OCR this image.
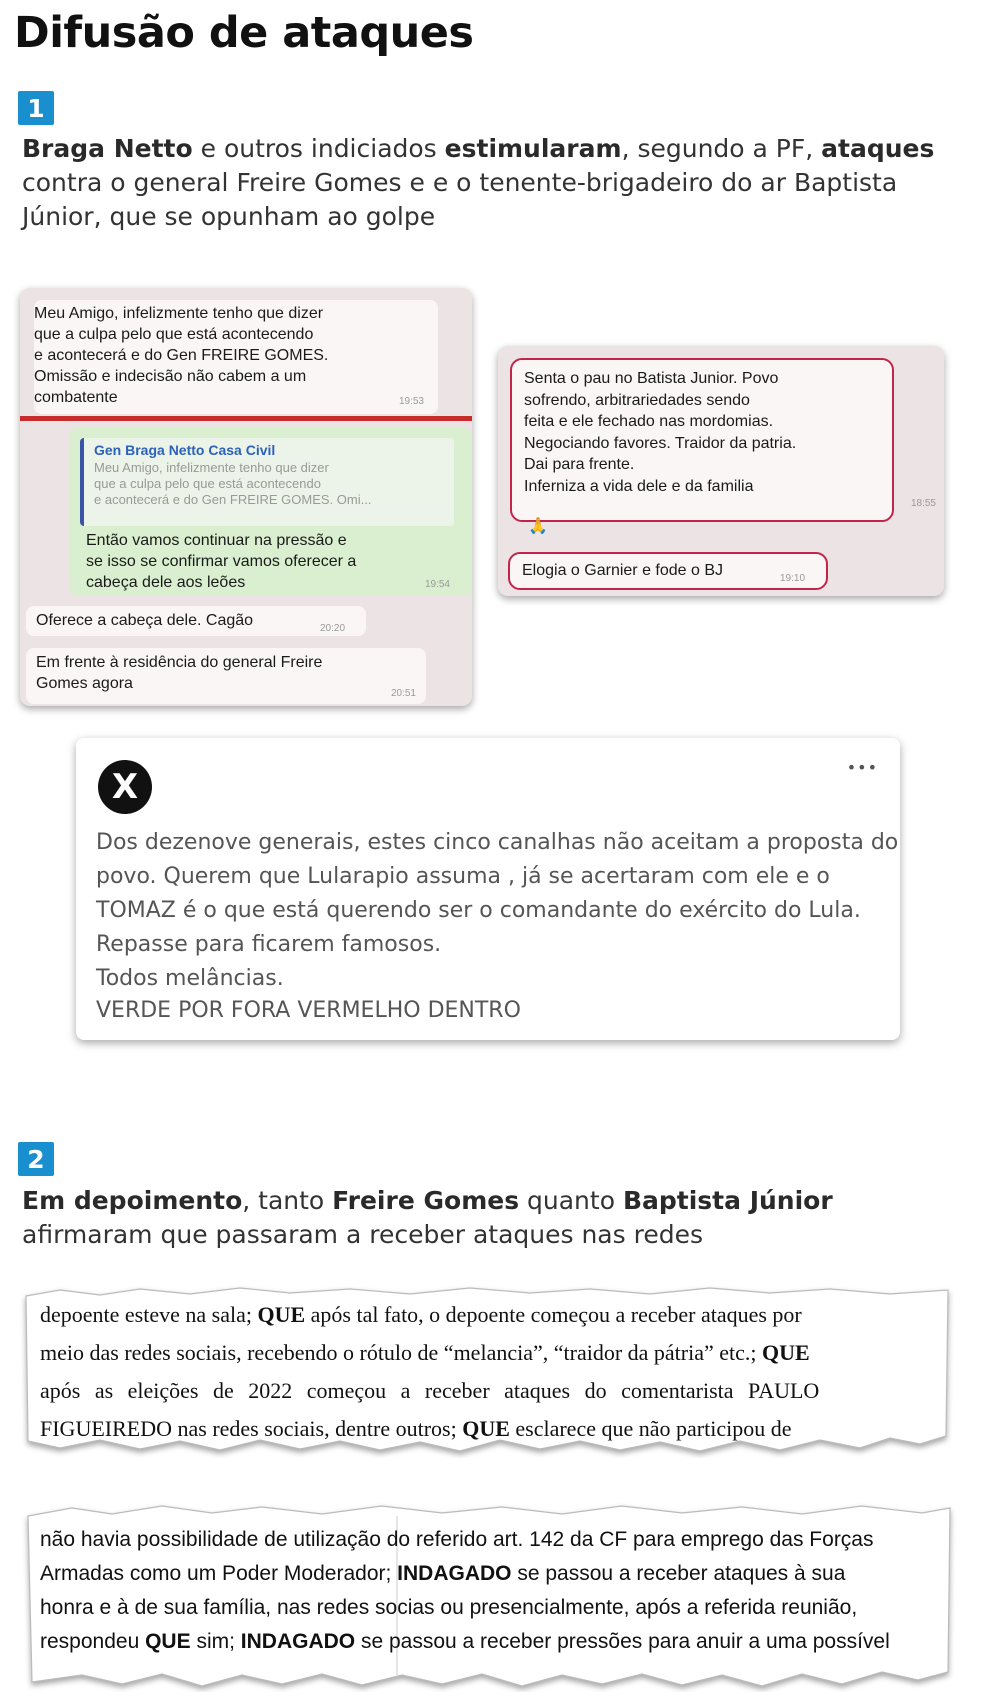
Difusão de ataques
1
Braga Netto e outros indiciados estimularam, segundo a PF, ataques contra o general Freire Gomes e e o tenente-brigadeiro do ar Baptista Júnior, que se opunham ao golpe
Meu Amigo, infelizmente tenho que dizer
que a culpa pelo que está acontecendo
e acontecerá e do Gen FREIRE GOMES.
Omissão e indecisão não cabem a um
combatente	19:53
Gen Braga Netto Casa Civil
Meu Amigo, infelizmente tenho que dizer
que a culpa pelo que está acontecendo
e acontecerá e do Gen FREIRE GOMES. Omi...
Então vamos continuar na pressão e
se isso se confirmar vamos oferecer a
cabeça dele aos leões	19:54
Oferece a cabeça dele. Cagão	20:20
Em frente à residência do general Freire
Gomes agora
20:51
Senta o pau no Batista Junior. Povo
sofrendo, arbitrariedades sendo
feita e ele fechado nas mordomias.
Negociando favores. Traidor da patria.
Dai para frente.
Inferniza a vida dele e da familia
18:55
🙏
Elogia o Garnier e fode o BJ	19:10
X	•••
Dos dezenove generais, estes cinco canalhas não aceitam a proposta do
povo. Querem que Lularapio assuma , já se acertaram com ele e o
TOMAZ é o que está querendo ser o comandante do exército do Lula.
Repasse para ficarem famosos.
Todos melâncias.
VERDE POR FORA VERMELHO DENTRO
2
Em depoimento, tanto Freire Gomes quanto Baptista Júnior afirmaram que passaram a receber ataques nas redes
depoente esteve na sala; QUE após tal fato, o depoente começou a receber ataques por
meio das redes sociais, recebendo o rótulo de “melancia”, “traidor da pátria” etc.; QUE
após as eleições de 2022 começou a receber ataques do comentarista PAULO
FIGUEIREDO nas redes sociais, dentre outros; QUE esclarece que não participou de
não havia possibilidade de utilização do referido art. 142 da CF para emprego das Forças
Armadas como um Poder Moderador; INDAGADO se passou a receber ataques à sua
honra e à de sua família, nas redes socias ou presencialmente, após a referida reunião,
respondeu QUE sim; INDAGADO se passou a receber pressões para anuir a uma possível
